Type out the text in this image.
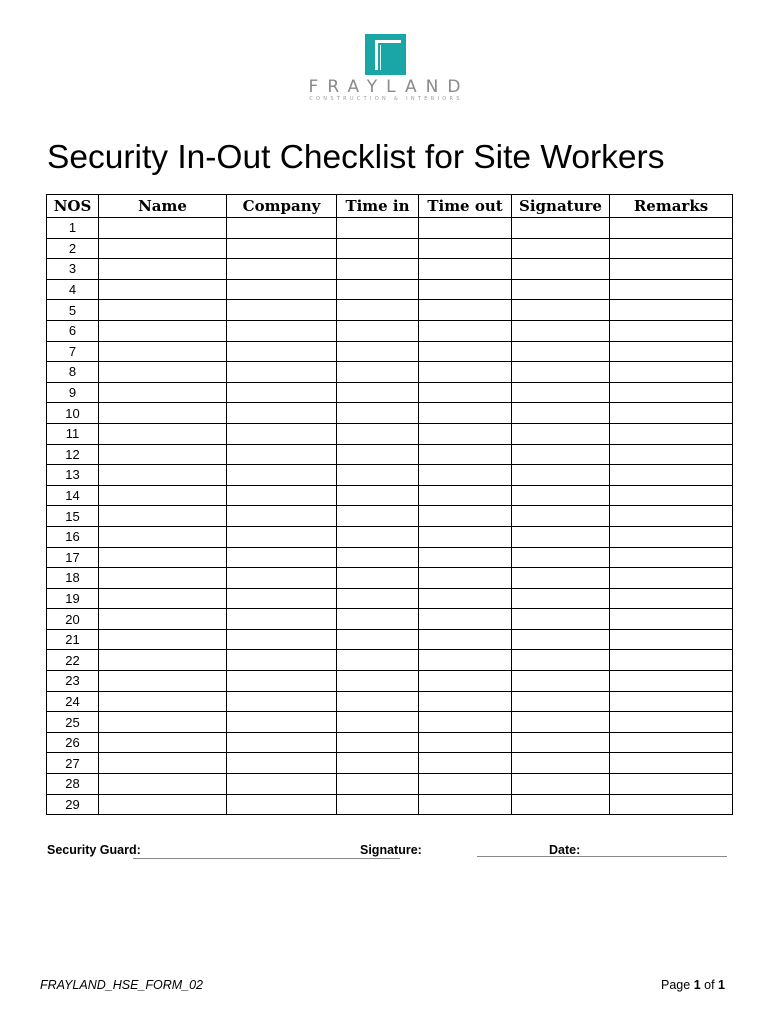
FRAYLAND
CONSTRUCTION & INTERIORS
Security In-Out Checklist for Site Workers
NOS	Name	Company	Time in	Time out	Signature	Remarks
1						
2						
3						
4						
5						
6						
7						
8						
9						
10						
11						
12						
13						
14						
15						
16						
17						
18						
19						
20						
21						
22						
23						
24						
25						
26						
27						
28						
29						
Security Guard:	Signature:	Date:
FRAYLAND_HSE_FORM_02	Page 1 of 1
